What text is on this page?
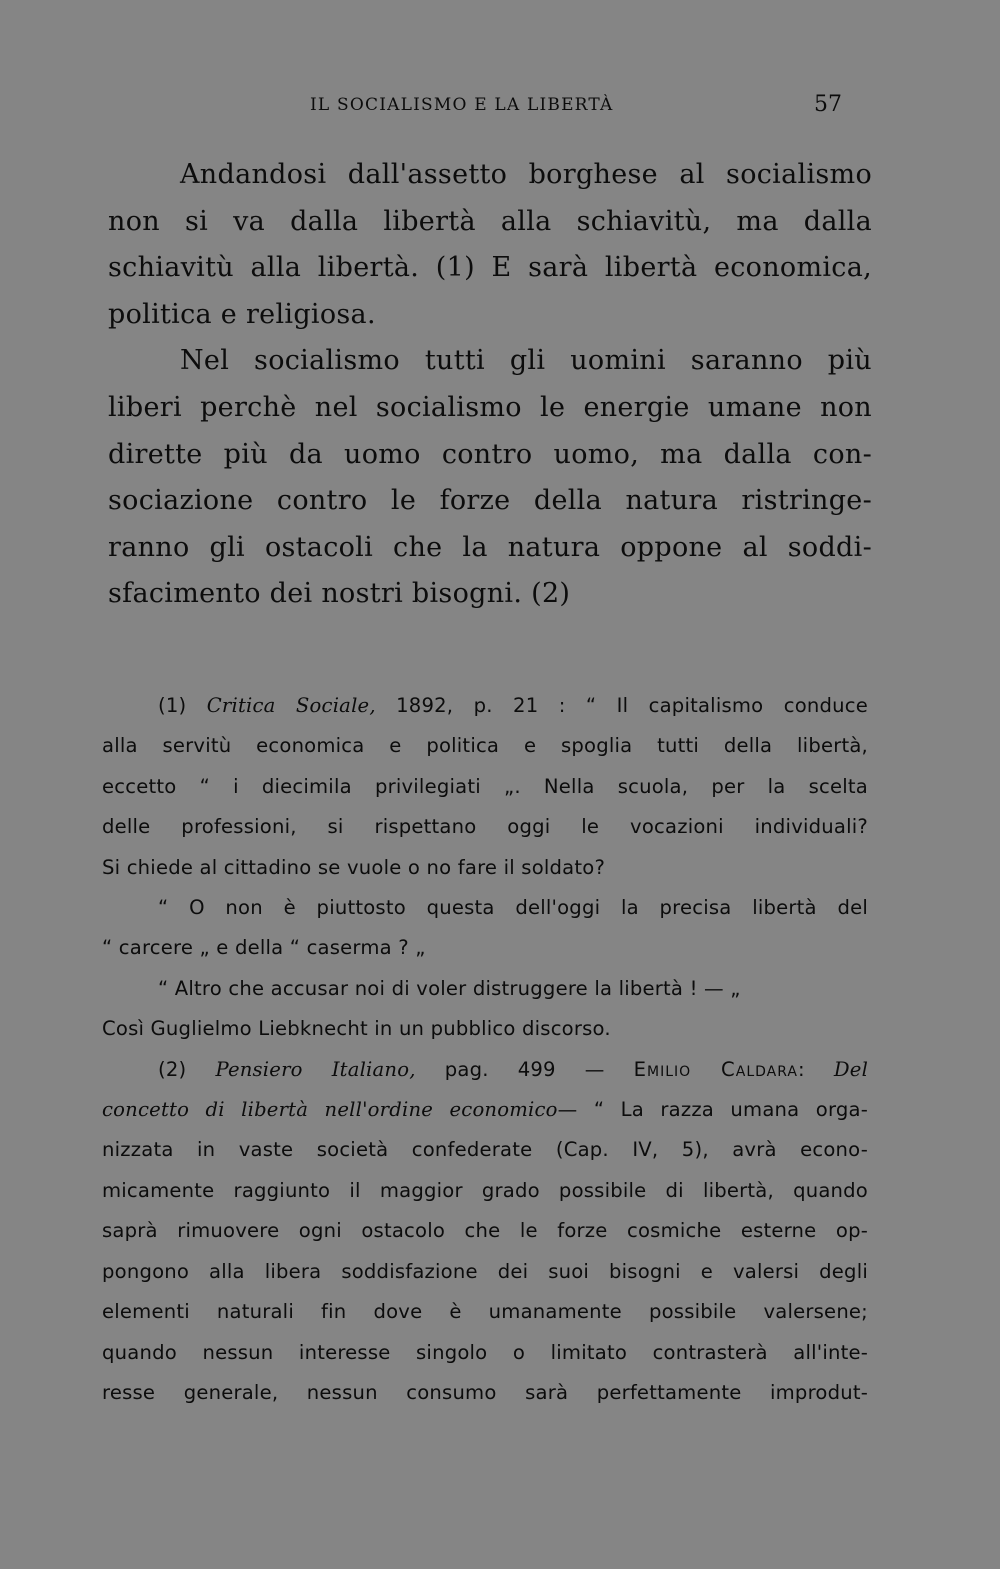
IL SOCIALISMO E LA LIBERTÀ	57
Andandosi dall'assetto borghese al socialismo
non si va dalla libertà alla schiavitù, ma dalla
schiavitù alla libertà. (1) E sarà libertà economica,
politica e religiosa.
Nel socialismo tutti gli uomini saranno più
liberi perchè nel socialismo le energie umane non
dirette più da uomo contro uomo, ma dalla con-
sociazione contro le forze della natura ristringe-
ranno gli ostacoli che la natura oppone al soddi-
sfacimento dei nostri bisogni. (2)
(1) Critica Sociale, 1892, p. 21 : “ Il capitalismo conduce
alla servitù economica e politica e spoglia tutti della libertà,
eccetto “ i diecimila privilegiati „. Nella scuola, per la scelta
delle professioni, si rispettano oggi le vocazioni individuali?
Si chiede al cittadino se vuole o no fare il soldato?
“ O non è piuttosto questa dell'oggi la precisa libertà del
“ carcere „ e della “ caserma ? „
“ Altro che accusar noi di voler distruggere la libertà ! — „
Così Guglielmo Liebknecht in un pubblico discorso.
(2) Pensiero Italiano, pag. 499 — Emilio Caldara: Del
concetto di libertà nell'ordine economico— “ La razza umana orga-
nizzata in vaste società confederate (Cap. IV, 5), avrà econo-
micamente raggiunto il maggior grado possibile di libertà, quando
saprà rimuovere ogni ostacolo che le forze cosmiche esterne op-
pongono alla libera soddisfazione dei suoi bisogni e valersi degli
elementi naturali fin dove è umanamente possibile valersene;
quando nessun interesse singolo o limitato contrasterà all'inte-
resse generale, nessun consumo sarà perfettamente improdut-
